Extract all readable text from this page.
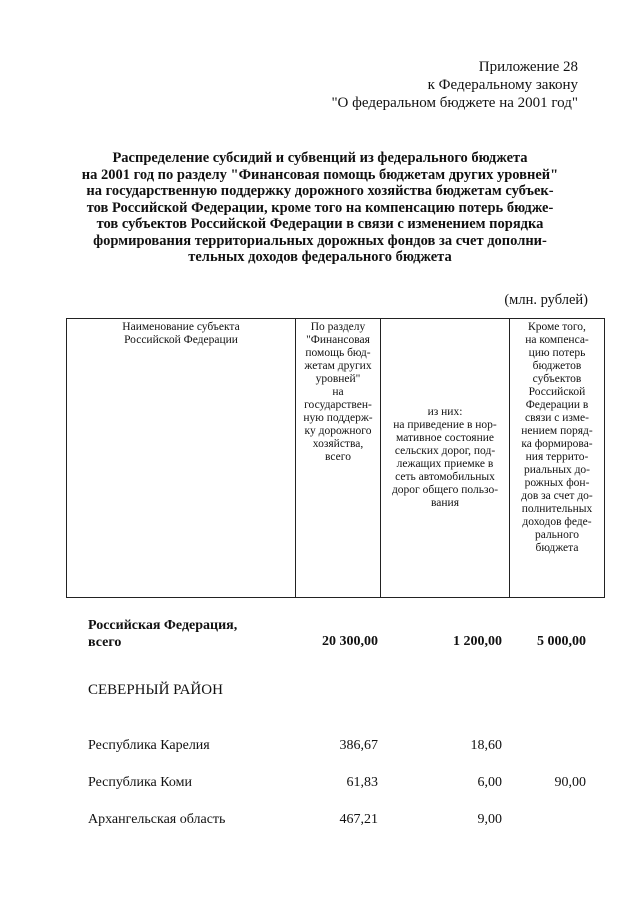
Приложение 28
к Федеральному закону
"О федеральном бюджете на 2001 год"
Распределение субсидий и субвенций из федерального бюджета
на 2001 год по разделу "Финансовая помощь бюджетам других уровней"
на государственную поддержку дорожного хозяйства бюджетам субъек-
тов Российской Федерации, кроме того на компенсацию потерь бюдже-
тов субъектов Российской Федерации в связи с изменением порядка
формирования территориальных дорожных фондов за счет дополни-
тельных доходов федерального бюджета
(млн. рублей)
Наименование субъекта
Российской Федерации

По разделу
"Финансовая
помощь бюд-
жетам других
уровней"
на
государствен-
ную поддерж-
ку дорожного
хозяйства,
всего

из них:
на приведение в нор-
мативное состояние
сельских дорог, под-
лежащих приемке в
сеть автомобильных
дорог общего пользо-
вания

Кроме того,
на компенса-
цию потерь
бюджетов
субъектов
Российской
Федерации в
связи с изме-
нением поряд-
ка формирова-
ния террито-
риальных до-
рожных фон-
дов за счет до-
полнительных
доходов феде-
рального
бюджета
Российская Федерация,
всего	20 300,00	1 200,00	5 000,00

СЕВЕРНЫЙ РАЙОН			

Республика Карелия	386,67	18,60	
Республика Коми	61,83	6,00	90,00
Архангельская область	467,21	9,00	
